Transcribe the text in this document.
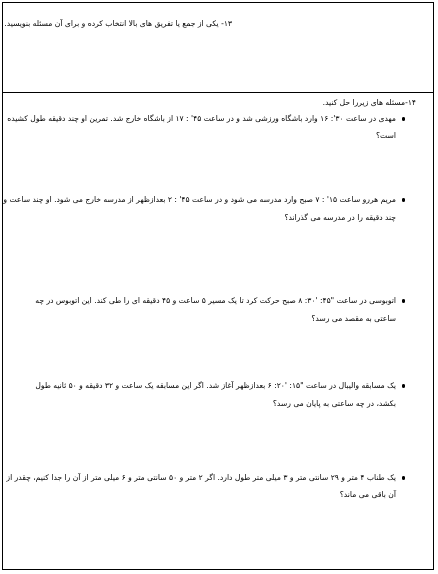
۱۳- یکی از جمع یا تفریق های بالا انتخاب کرده و برای آن مسئله بنویسید.
۱۴-مسئله های زیررا حل کنید.
مهدی در ساعت ۳۰': ۱۶ وارد باشگاه ورزشی شد و در ساعت ۴۵' : ۱۷ از باشگاه خارج شد. تمرین او چند دقیقه طول کشیده
است؟
مریم هررو ساعت ۱۵' : ۷ صبح وارد مدرسه می شود و در ساعت ۴۵' : ۲ بعدازظهر از مدرسه خارج می شود. او چند ساعت و
چند دقیقه را در مدرسه می گذراند؟
اتوبوسی در ساعت "۴۵: '۳۰: ۸ صبح حرکت کرد تا یک مسیر ۵ ساعت و ۴۵ دقیقه ای را طی کند. این اتوبوس در چه
ساعتی به مقصد می رسد؟
یک مسابقه والیبال در ساعت "۱۵: '۲۰: ۶ بعدازظهر آغاز شد. اگر این مسابقه یک ساعت و ۳۲ دقیقه و ۵۰ ثانیه طول
بکشد، در چه ساعتی به پایان می رسد؟
یک طناب ۴ متر و ۲۹ سانتی متر و ۳ میلی متر طول دارد. اگر ۲ متر و ۵۰ سانتی متر و ۶ میلی متر از آن را جدا کنیم، چقدر از
آن باقی می ماند؟
